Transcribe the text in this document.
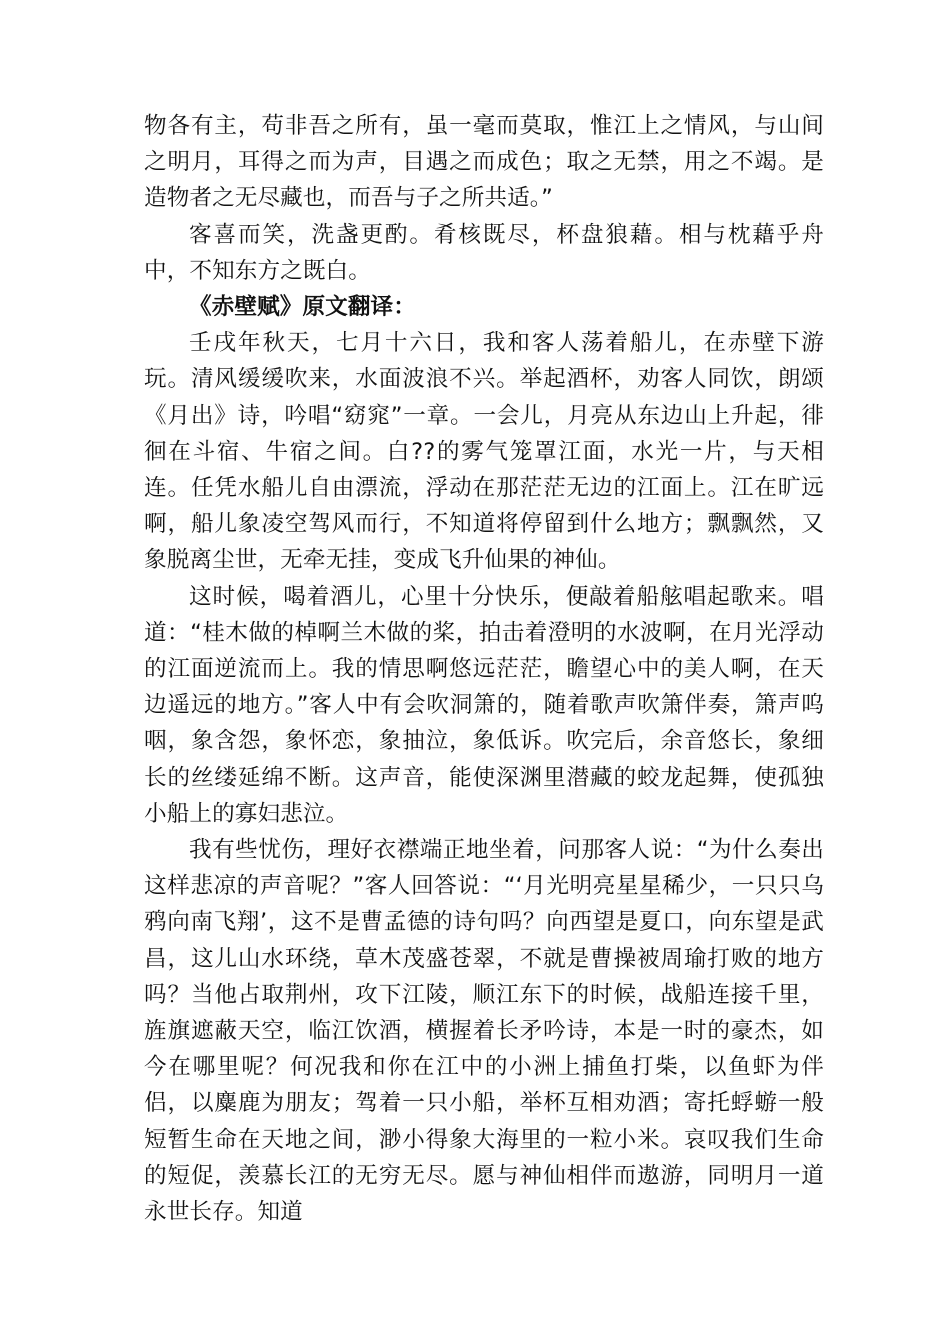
物各有主，苟非吾之所有，虽一毫而莫取，惟江上之情风，与山间之明月，耳得之而为声，目遇之而成色；取之无禁，用之不竭。是造物者之无尽藏也，而吾与子之所共适。”

客喜而笑，洗盏更酌。肴核既尽，杯盘狼藉。相与枕藉乎舟中，不知东方之既白。

《赤壁赋》原文翻译：

壬戌年秋天，七月十六日，我和客人荡着船儿，在赤壁下游玩。清风缓缓吹来，水面波浪不兴。举起酒杯，劝客人同饮，朗颂《月出》诗，吟唱“窈窕”一章。一会儿，月亮从东边山上升起，徘徊在斗宿、牛宿之间。白??的雾气笼罩江面，水光一片，与天相连。任凭水船儿自由漂流，浮动在那茫茫无边的江面上。江在旷远啊，船儿象凌空驾风而行，不知道将停留到什么地方；飘飘然，又象脱离尘世，无牵无挂，变成飞升仙果的神仙。

这时候，喝着酒儿，心里十分快乐，便敲着船舷唱起歌来。唱道：“桂木做的棹啊兰木做的桨，拍击着澄明的水波啊，在月光浮动的江面逆流而上。我的情思啊悠远茫茫，瞻望心中的美人啊，在天边遥远的地方。”客人中有会吹洞箫的，随着歌声吹箫伴奏，箫声呜咽，象含怨，象怀恋，象抽泣，象低诉。吹完后，余音悠长，象细长的丝缕延绵不断。这声音，能使深渊里潜藏的蛟龙起舞，使孤独小船上的寡妇悲泣。

我有些忧伤，理好衣襟端正地坐着，问那客人说：“为什么奏出这样悲凉的声音呢？”客人回答说：“‘月光明亮星星稀少，一只只乌鸦向南飞翔’，这不是曹孟德的诗句吗？向西望是夏口，向东望是武昌，这儿山水环绕，草木茂盛苍翠，不就是曹操被周瑜打败的地方吗？当他占取荆州，攻下江陵，顺江东下的时候，战船连接千里，旌旗遮蔽天空，临江饮酒，横握着长矛吟诗，本是一时的豪杰，如今在哪里呢？何况我和你在江中的小洲上捕鱼打柴，以鱼虾为伴侣，以麋鹿为朋友；驾着一只小船，举杯互相劝酒；寄托蜉蝣一般短暂生命在天地之间，渺小得象大海里的一粒小米。哀叹我们生命的短促，羡慕长江的无穷无尽。愿与神仙相伴而遨游，同明月一道永世长存。知道
